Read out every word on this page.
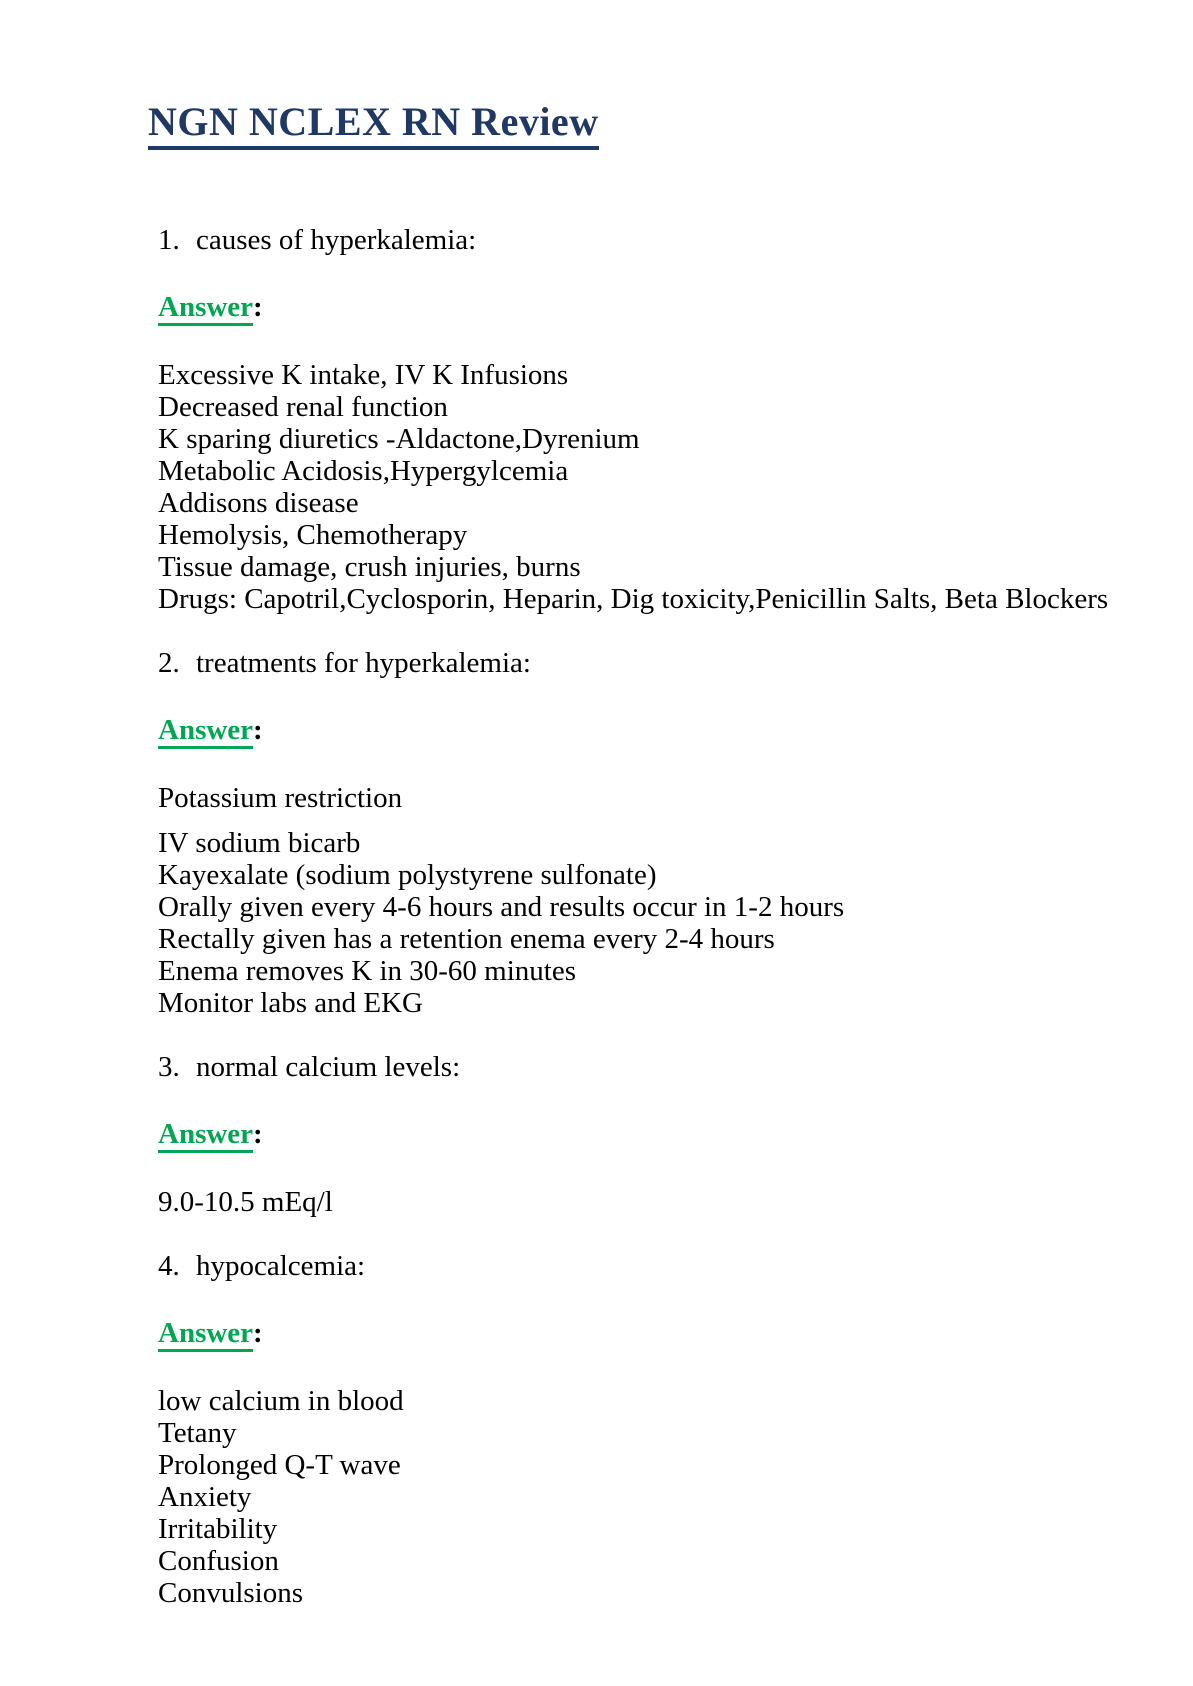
NGN NCLEX RN Review
1. causes of hyperkalemia:
Answer:

Excessive K intake, IV K Infusions
Decreased renal function
K sparing diuretics -Aldactone,Dyrenium
Metabolic Acidosis,Hypergylcemia
Addisons disease
Hemolysis, Chemotherapy
Tissue damage, crush injuries, burns
Drugs: Capotril,Cyclosporin, Heparin, Dig toxicity,Penicillin Salts, Beta Blockers

2. treatments for hyperkalemia:
Answer:

Potassium restriction

IV sodium bicarb
Kayexalate (sodium polystyrene sulfonate)
Orally given every 4-6 hours and results occur in 1-2 hours
Rectally given has a retention enema every 2-4 hours
Enema removes K in 30-60 minutes
Monitor labs and EKG

3. normal calcium levels:
Answer:

9.0-10.5 mEq/l

4. hypocalcemia:
Answer:

low calcium in blood
Tetany
Prolonged Q-T wave
Anxiety
Irritability
Confusion
Convulsions
